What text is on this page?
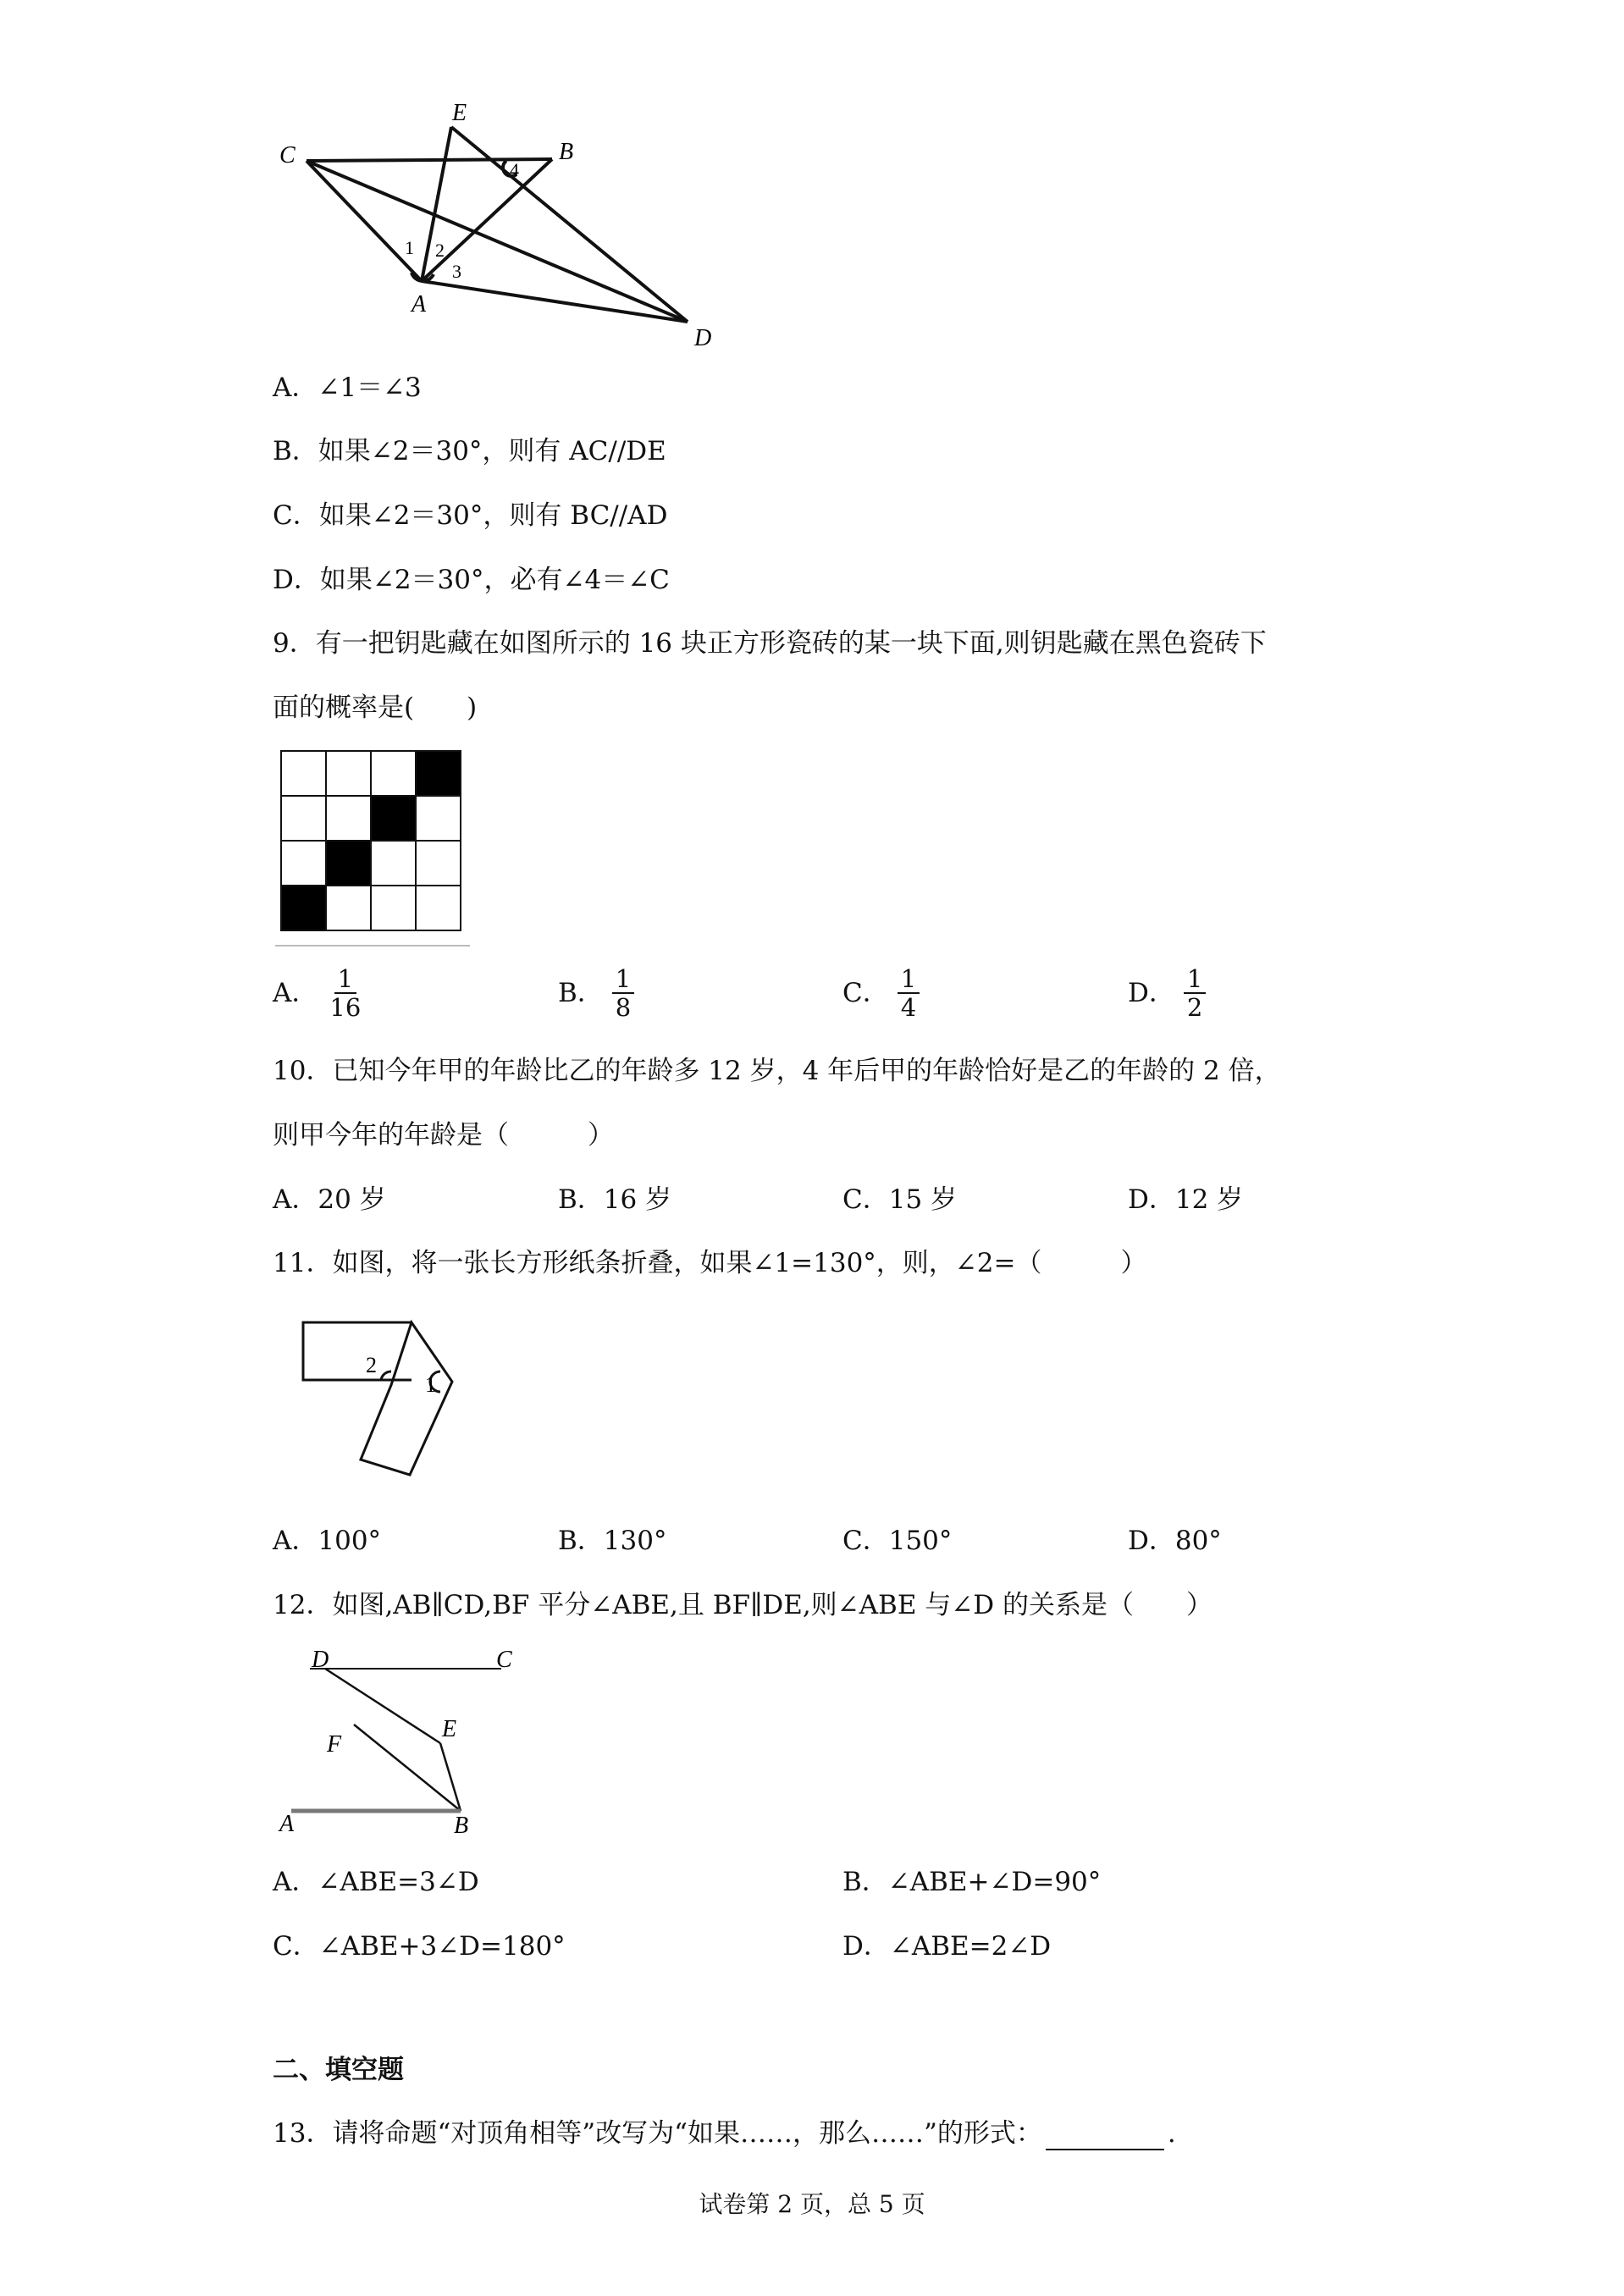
E
B
C
A
D
1 2
3
4
A．∠1＝∠3
B．如果∠2＝30°，则有 AC//DE
C．如果∠2＝30°，则有 BC//AD
D．如果∠2＝30°，必有∠4＝∠C
9．有一把钥匙藏在如图所示的 16 块正方形瓷砖的某一块下面,则钥匙藏在黑色瓷砖下
面的概率是(　　)
A． $\frac{1}{16}$	B． $\frac{1}{8}$	C． $\frac{1}{4}$	D． $\frac{1}{2}$
10．已知今年甲的年龄比乙的年龄多 12 岁，4 年后甲的年龄恰好是乙的年龄的 2 倍，
则甲今年的年龄是（　　　）
A．20 岁	B．16 岁	C．15 岁	D．12 岁
11．如图，将一张长方形纸条折叠，如果∠1=130°，则，∠2=（　　　）
2
1
A．100°	B．130°	C．150°	D．80°
12．如图,AB∥CD,BF 平分∠ABE,且 BF∥DE,则∠ABE 与∠D 的关系是（　　）
D	C
F
E
A	B
A．∠ABE=3∠D	B．∠ABE+∠D=90°
C．∠ABE+3∠D=180°	D．∠ABE=2∠D
二、填空题
13．请将命题“对顶角相等”改写为“如果……，那么……”的形式：	.
试卷第 2 页，总 5 页
